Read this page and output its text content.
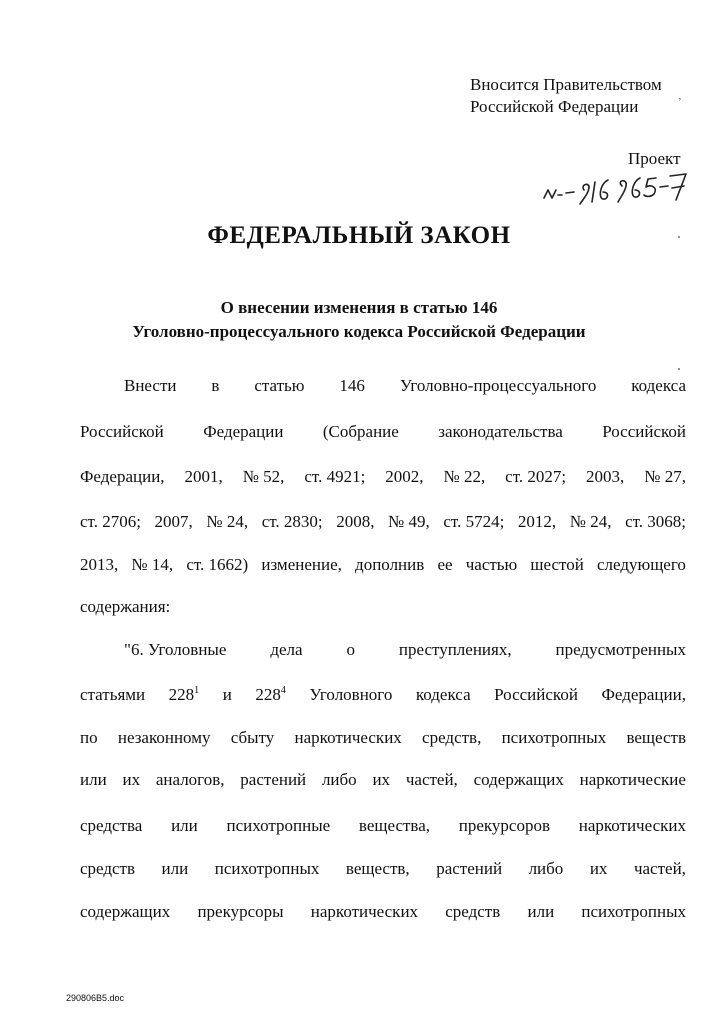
Вносится Правительством
Российской Федерации	ʼ
Проект
№ 916965-7
ФЕДЕРАЛЬНЫЙ ЗАКОН
О внесении изменения в статью 146
Уголовно-процессуального кодекса Российской Федерации
Внести в статью 146 Уголовно-процессуального кодекса
Российской Федерации (Собрание законодательства Российской
Федерации, 2001, № 52, ст. 4921; 2002, № 22, ст. 2027; 2003, № 27,
ст. 2706; 2007, № 24, ст. 2830; 2008, № 49, ст. 5724; 2012, № 24, ст. 3068;
2013, № 14, ст. 1662) изменение, дополнив ее частью шестой следующего
содержания:
"6. Уголовные	дела	о	преступлениях,	предусмотренных
статьями $228^1$ и $228^4$ Уголовного кодекса Российской Федерации,
по незаконному сбыту наркотических средств, психотропных веществ
или их аналогов, растений либо их частей, содержащих наркотические
средства или психотропные вещества, прекурсоров наркотических
средств или психотропных веществ, растений либо их частей,
содержащих прекурсоры наркотических средств или психотропных
290806В5.doc
